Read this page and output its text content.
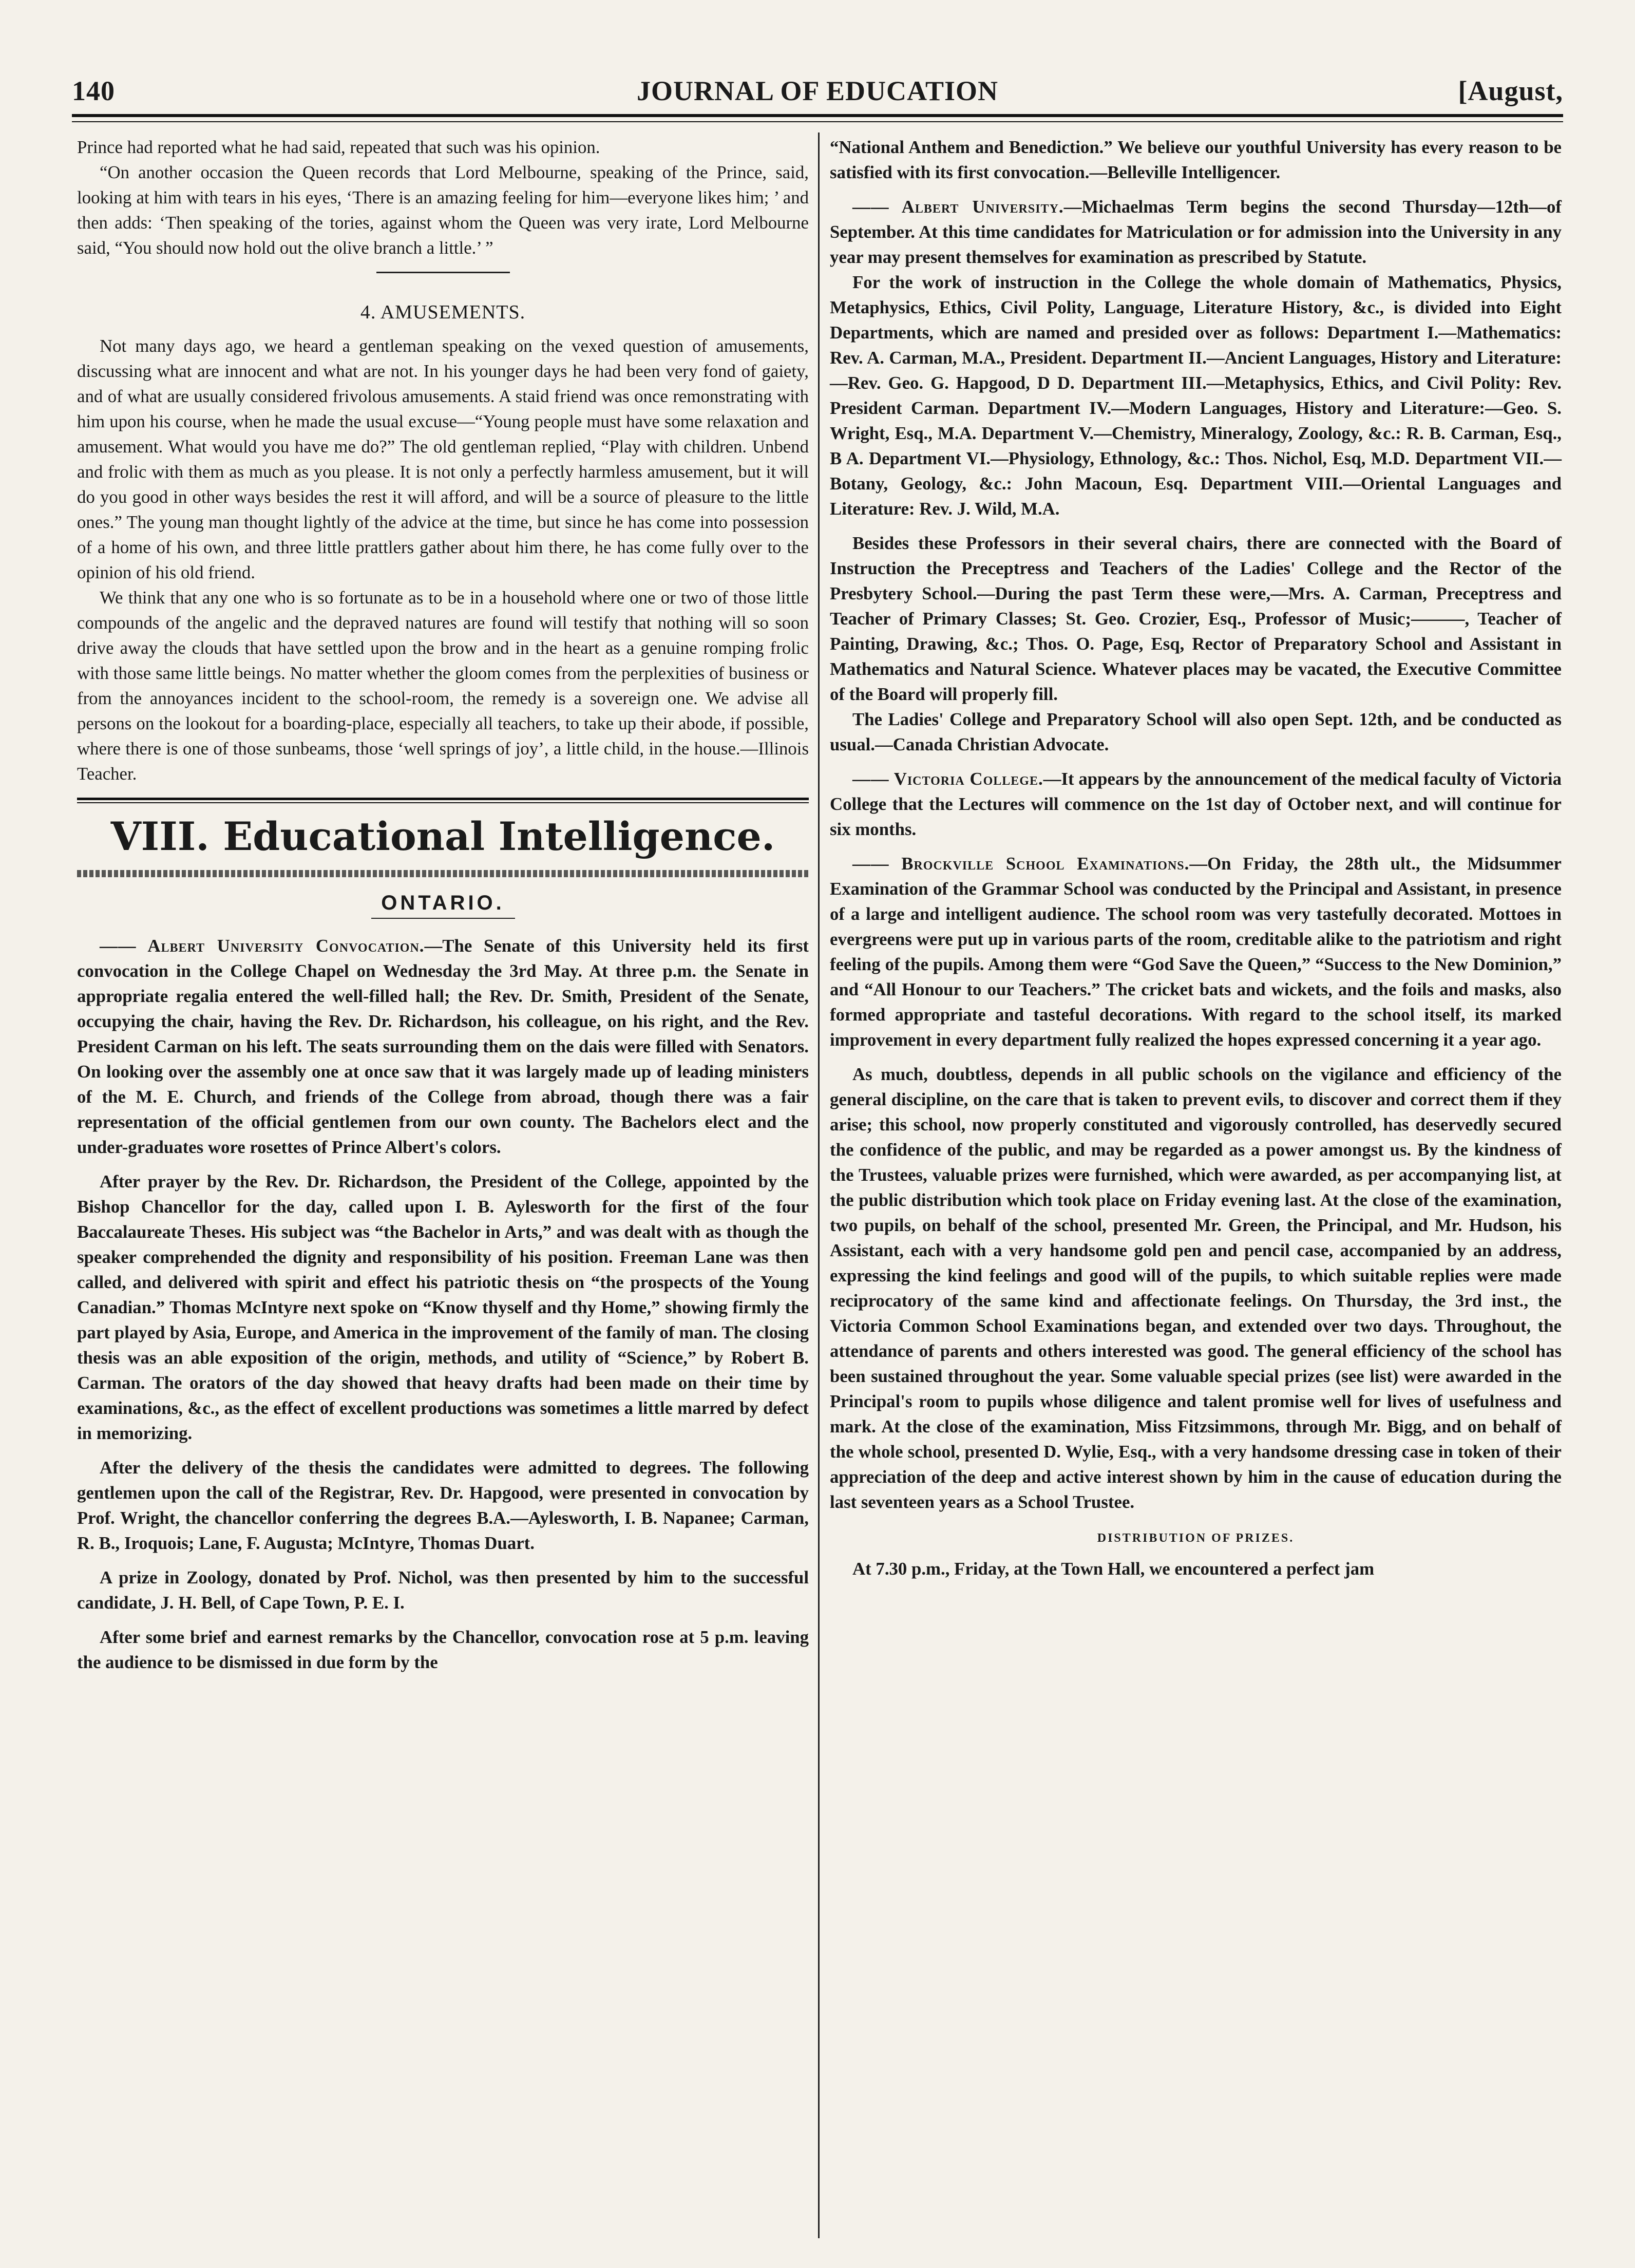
140	JOURNAL OF EDUCATION	[August,

Prince had reported what he had said, repeated that such was his opinion.

“On another occasion the Queen records that Lord Melbourne, speaking of the Prince, said, looking at him with tears in his eyes, ‘There is an amazing feeling for him—everyone likes him; ’ and then adds: ‘Then speaking of the tories, against whom the Queen was very irate, Lord Melbourne said, “You should now hold out the olive branch a little.’ ”

4. AMUSEMENTS.

Not many days ago, we heard a gentleman speaking on the vexed question of amusements, discussing what are innocent and what are not. In his younger days he had been very fond of gaiety, and of what are usually considered frivolous amusements. A staid friend was once remonstrating with him upon his course, when he made the usual excuse—“Young people must have some relaxation and amusement. What would you have me do?” The old gentleman replied, “Play with children. Unbend and frolic with them as much as you please. It is not only a perfectly harmless amusement, but it will do you good in other ways besides the rest it will afford, and will be a source of pleasure to the little ones.” The young man thought lightly of the advice at the time, but since he has come into possession of a home of his own, and three little prattlers gather about him there, he has come fully over to the opinion of his old friend.

We think that any one who is so fortunate as to be in a household where one or two of those little compounds of the angelic and the depraved natures are found will testify that nothing will so soon drive away the clouds that have settled upon the brow and in the heart as a genuine romping frolic with those same little beings. No matter whether the gloom comes from the perplexities of business or from the annoyances incident to the school-room, the remedy is a sovereign one. We advise all persons on the lookout for a boarding-place, especially all teachers, to take up their abode, if possible, where there is one of those sunbeams, those ‘well springs of joy’, a little child, in the house.—Illinois Teacher.

VIII. Educational Intelligence.
ONTARIO.

—— Albert University Convocation.—The Senate of this University held its first convocation in the College Chapel on Wednesday the 3rd May. At three p.m. the Senate in appropriate regalia entered the well-filled hall; the Rev. Dr. Smith, President of the Senate, occupying the chair, having the Rev. Dr. Richardson, his colleague, on his right, and the Rev. President Carman on his left. The seats surrounding them on the dais were filled with Senators. On looking over the assembly one at once saw that it was largely made up of leading ministers of the M. E. Church, and friends of the College from abroad, though there was a fair representation of the official gentlemen from our own county. The Bachelors elect and the under-graduates wore rosettes of Prince Albert's colors.

After prayer by the Rev. Dr. Richardson, the President of the College, appointed by the Bishop Chancellor for the day, called upon I. B. Aylesworth for the first of the four Baccalaureate Theses. His subject was “the Bachelor in Arts,” and was dealt with as though the speaker comprehended the dignity and responsibility of his position. Freeman Lane was then called, and delivered with spirit and effect his patriotic thesis on “the prospects of the Young Canadian.” Thomas McIntyre next spoke on “Know thyself and thy Home,” showing firmly the part played by Asia, Europe, and America in the improvement of the family of man. The closing thesis was an able exposition of the origin, methods, and utility of “Science,” by Robert B. Carman. The orators of the day showed that heavy drafts had been made on their time by examinations, &c., as the effect of excellent productions was sometimes a little marred by defect in memorizing.

After the delivery of the thesis the candidates were admitted to degrees. The following gentlemen upon the call of the Registrar, Rev. Dr. Hapgood, were presented in convocation by Prof. Wright, the chancellor conferring the degrees B.A.—Aylesworth, I. B. Napanee; Carman, R. B., Iroquois; Lane, F. Augusta; McIntyre, Thomas Duart.

A prize in Zoology, donated by Prof. Nichol, was then presented by him to the successful candidate, J. H. Bell, of Cape Town, P. E. I.

After some brief and earnest remarks by the Chancellor, convocation rose at 5 p.m. leaving the audience to be dismissed in due form by the

“National Anthem and Benediction.” We believe our youthful University has every reason to be satisfied with its first convocation.—Belleville Intelligencer.

—— Albert University.—Michaelmas Term begins the second Thursday—12th—of September. At this time candidates for Matriculation or for admission into the University in any year may present themselves for examination as prescribed by Statute.

For the work of instruction in the College the whole domain of Mathematics, Physics, Metaphysics, Ethics, Civil Polity, Language, Literature History, &c., is divided into Eight Departments, which are named and presided over as follows: Department I.—Mathematics: Rev. A. Carman, M.A., President. Department II.—Ancient Languages, History and Literature:—Rev. Geo. G. Hapgood, D D. Department III.—Metaphysics, Ethics, and Civil Polity: Rev. President Carman. Department IV.—Modern Languages, History and Literature:—Geo. S. Wright, Esq., M.A. Department V.—Chemistry, Mineralogy, Zoology, &c.: R. B. Carman, Esq., B A. Department VI.—Physiology, Ethnology, &c.: Thos. Nichol, Esq, M.D. Department VII.—Botany, Geology, &c.: John Macoun, Esq. Department VIII.—Oriental Languages and Literature: Rev. J. Wild, M.A.

Besides these Professors in their several chairs, there are connected with the Board of Instruction the Preceptress and Teachers of the Ladies' College and the Rector of the Presbytery School.—During the past Term these were,—Mrs. A. Carman, Preceptress and Teacher of Primary Classes; St. Geo. Crozier, Esq., Professor of Music;———, Teacher of Painting, Drawing, &c.; Thos. O. Page, Esq, Rector of Preparatory School and Assistant in Mathematics and Natural Science. Whatever places may be vacated, the Executive Committee of the Board will properly fill.

The Ladies' College and Preparatory School will also open Sept. 12th, and be conducted as usual.—Canada Christian Advocate.

—— Victoria College.—It appears by the announcement of the medical faculty of Victoria College that the Lectures will commence on the 1st day of October next, and will continue for six months.

—— Brockville School Examinations.—On Friday, the 28th ult., the Midsummer Examination of the Grammar School was conducted by the Principal and Assistant, in presence of a large and intelligent audience. The school room was very tastefully decorated. Mottoes in evergreens were put up in various parts of the room, creditable alike to the patriotism and right feeling of the pupils. Among them were “God Save the Queen,” “Success to the New Dominion,” and “All Honour to our Teachers.” The cricket bats and wickets, and the foils and masks, also formed appropriate and tasteful decorations. With regard to the school itself, its marked improvement in every department fully realized the hopes expressed concerning it a year ago.

As much, doubtless, depends in all public schools on the vigilance and efficiency of the general discipline, on the care that is taken to prevent evils, to discover and correct them if they arise; this school, now properly constituted and vigorously controlled, has deservedly secured the confidence of the public, and may be regarded as a power amongst us. By the kindness of the Trustees, valuable prizes were furnished, which were awarded, as per accompanying list, at the public distribution which took place on Friday evening last. At the close of the examination, two pupils, on behalf of the school, presented Mr. Green, the Principal, and Mr. Hudson, his Assistant, each with a very handsome gold pen and pencil case, accompanied by an address, expressing the kind feelings and good will of the pupils, to which suitable replies were made reciprocatory of the same kind and affectionate feelings. On Thursday, the 3rd inst., the Victoria Common School Examinations began, and extended over two days. Throughout, the attendance of parents and others interested was good. The general efficiency of the school has been sustained throughout the year. Some valuable special prizes (see list) were awarded in the Principal's room to pupils whose diligence and talent promise well for lives of usefulness and mark. At the close of the examination, Miss Fitzsimmons, through Mr. Bigg, and on behalf of the whole school, presented D. Wylie, Esq., with a very handsome dressing case in token of their appreciation of the deep and active interest shown by him in the cause of education during the last seventeen years as a School Trustee.

DISTRIBUTION OF PRIZES.

At 7.30 p.m., Friday, at the Town Hall, we encountered a perfect jam
